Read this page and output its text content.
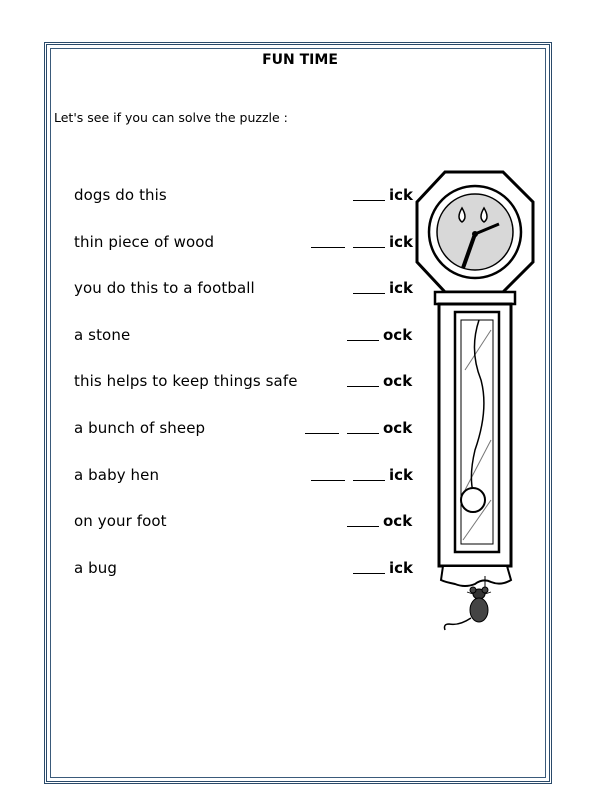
FUN TIME
Let's see if you can solve the puzzle :
dogs do this	ick
thin piece of wood	ick
you do this to a football	ick
a stone	ock
this helps to keep things safe	ock
a bunch of sheep	ock
a baby hen	ick
on your foot	ock
a bug	ick
